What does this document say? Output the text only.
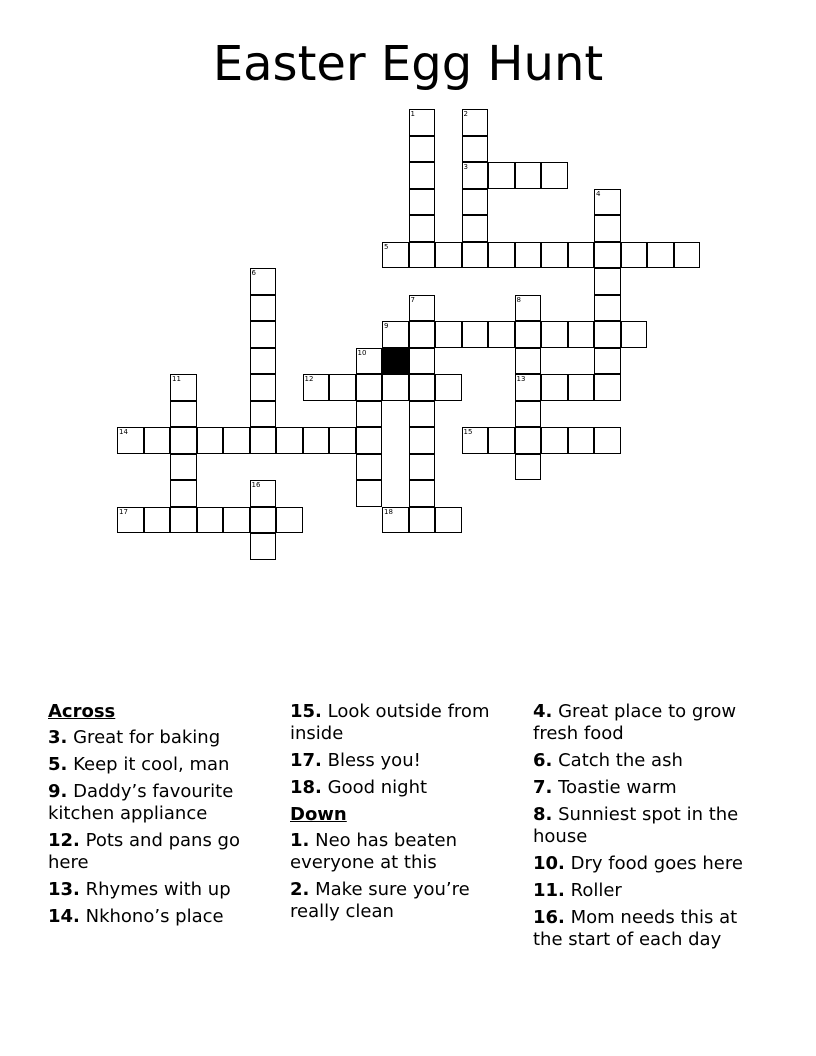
Easter Egg Hunt
1	2
3
4
5
6
7	8
13
9
10
11	12
14	15
16
17	18
Across
3. Great for baking
5. Keep it cool, man
9. Daddy’s favourite kitchen appliance
12. Pots and pans go here
13. Rhymes with up
14. Nkhono’s place
15. Look outside from inside
17. Bless you!
18. Good night
Down
1. Neo has beaten everyone at this
2. Make sure you’re really clean
4. Great place to grow fresh food
6. Catch the ash
7. Toastie warm
8. Sunniest spot in the house
10. Dry food goes here
11. Roller
16. Mom needs this at the start of each day
